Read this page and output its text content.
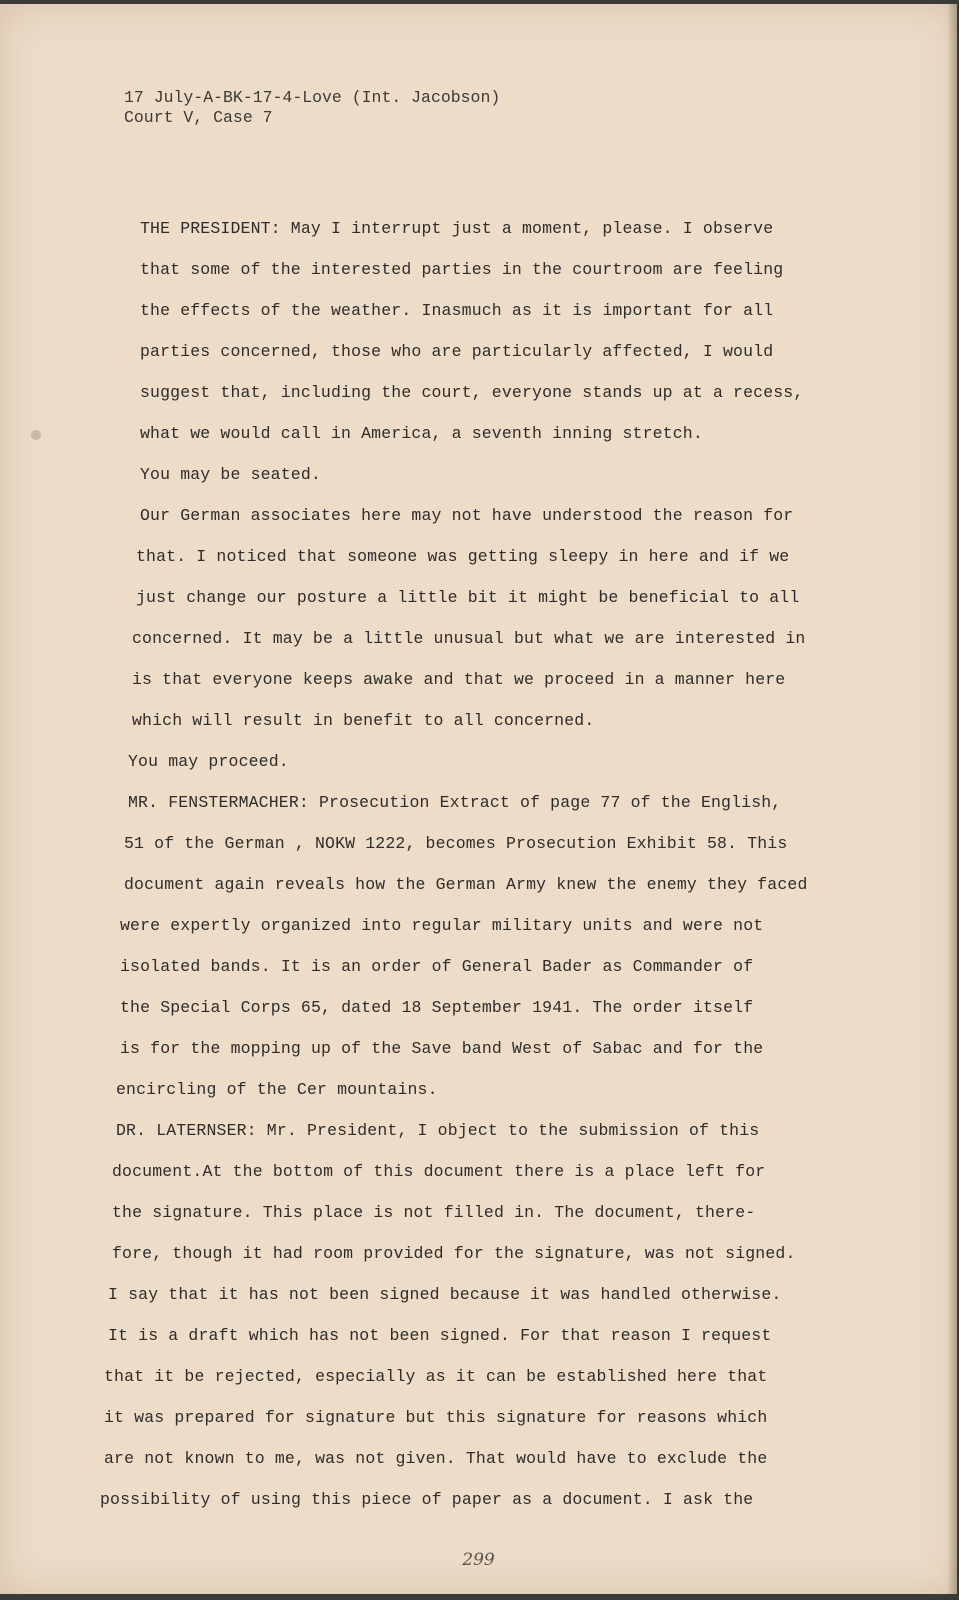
17 July-A-BK-17-4-Love (Int. Jacobson)
Court V, Case 7
THE PRESIDENT: May I interrupt just a moment, please. I observe
that some of the interested parties in the courtroom are feeling
the effects of the weather. Inasmuch as it is important for all
parties concerned, those who are particularly affected, I would
suggest that, including the court, everyone stands up at a recess,
what we would call in America, a seventh inning stretch.
You may be seated.
Our German associates here may not have understood the reason for
that. I noticed that someone was getting sleepy in here and if we
just change our posture a little bit it might be beneficial to all
concerned. It may be a little unusual but what we are interested in
is that everyone keeps awake and that we proceed in a manner here
which will result in benefit to all concerned.
You may proceed.
MR. FENSTERMACHER: Prosecution Extract of page 77 of the English,
51 of the German , NOKW 1222, becomes Prosecution Exhibit 58. This
document again reveals how the German Army knew the enemy they faced
were expertly organized into regular military units and were not
isolated bands. It is an order of General Bader as Commander of
the Special Corps 65, dated 18 September 1941. The order itself
is for the mopping up of the Save band West of Sabac and for the
encircling of the Cer mountains.
DR. LATERNSER: Mr. President, I object to the submission of this
document.At the bottom of this document there is a place left for
the signature. This place is not filled in. The document, there-
fore, though it had room provided for the signature, was not signed.
I say that it has not been signed because it was handled otherwise.
It is a draft which has not been signed. For that reason I request
that it be rejected, especially as it can be established here that
it was prepared for signature but this signature for reasons which
are not known to me, was not given. That would have to exclude the
possibility of using this piece of paper as a document. I ask the
299
